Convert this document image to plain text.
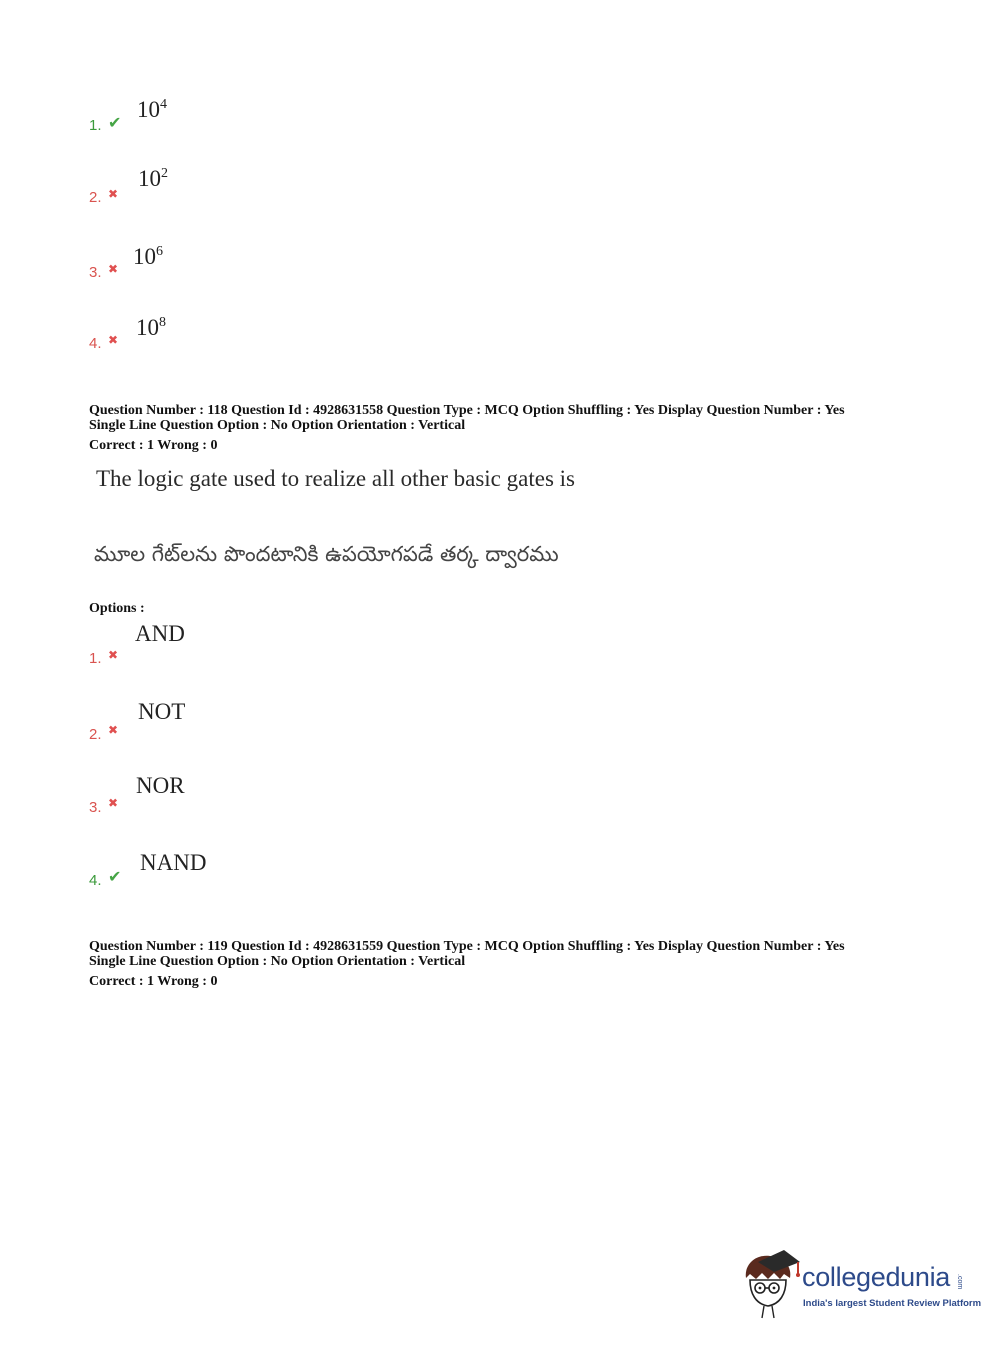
1. ✔
$10^4$
2. ✖
$10^2$
3. ✖ $10^6$
4. ✖ $10^8$
Question Number : 118 Question Id : 4928631558 Question Type : MCQ Option Shuffling : Yes Display Question Number : Yes
Single Line Question Option : No Option Orientation : Vertical
Correct : 1 Wrong : 0
The logic gate used to realize all other basic gates is
మూల గేట్‌లను పొందటానికి ఉపయోగపడే తర్క ద్వారము
Options :
1. ✖
AND
2. ✖
NOT
3. ✖
NOR
4. ✔
NAND
Question Number : 119 Question Id : 4928631559 Question Type : MCQ Option Shuffling : Yes Display Question Number : Yes
Single Line Question Option : No Option Orientation : Vertical
Correct : 1 Wrong : 0
collegedunia .com
India's largest Student Review Platform
